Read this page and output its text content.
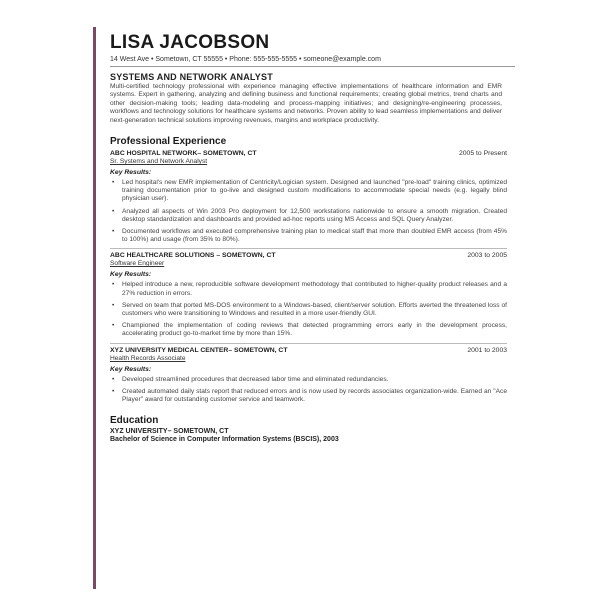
LISA JACOBSON
14 West Ave • Sometown, CT 55555 • Phone: 555-555-5555 • someone@example.com
SYSTEMS AND NETWORK ANALYST
Multi-certified technology professional with experience managing effective implementations of healthcare information and EMR systems. Expert in gathering, analyzing and defining business and functional requirements; creating global metrics, trend charts and other decision-making tools; leading data-modeling and process-mapping initiatives; and designing/re-engineering processes, workflows and technology solutions for healthcare systems and networks. Proven ability to lead seamless implementations and deliver next-generation technical solutions improving revenues, margins and workplace productivity.
Professional Experience
ABC HOSPITAL NETWORK– SOMETOWN, CT	2005 to Present
Sr. Systems and Network Analyst
Key Results:
• Led hospital's new EMR implementation of Centricity/Logician system. Designed and launched "pre-load" training clinics, optimized training documentation prior to go-live and designed custom modifications to accommodate special needs (e.g. legally blind physician user).
• Analyzed all aspects of Win 2003 Pro deployment for 12,500 workstations nationwide to ensure a smooth migration. Created desktop standardization and dashboards and provided ad-hoc reports using MS Access and SQL Query Analyzer.
• Documented workflows and executed comprehensive training plan to medical staff that more than doubled EMR access (from 45% to 100%) and usage (from 35% to 80%).
ABC HEALTHCARE SOLUTIONS – SOMETOWN, CT	2003 to 2005
Software Engineer
Key Results:
• Helped introduce a new, reproducible software development methodology that contributed to higher-quality product releases and a 27% reduction in errors.
• Served on team that ported MS-DOS environment to a Windows-based, client/server solution. Efforts averted the threatened loss of customers who were transitioning to Windows and resulted in a more user-friendly GUI.
• Championed the implementation of coding reviews that detected programming errors early in the development process, accelerating product go-to-market time by more than 15%.
XYZ UNIVERSITY MEDICAL CENTER– SOMETOWN, CT	2001 to 2003
Health Records Associate
Key Results:
• Developed streamlined procedures that decreased labor time and eliminated redundancies.
• Created automated daily stats report that reduced errors and is now used by records associates organization-wide. Earned an "Ace Player" award for outstanding customer service and teamwork.
Education
XYZ UNIVERSITY– SOMETOWN, CT
Bachelor of Science in Computer Information Systems (BSCIS), 2003
